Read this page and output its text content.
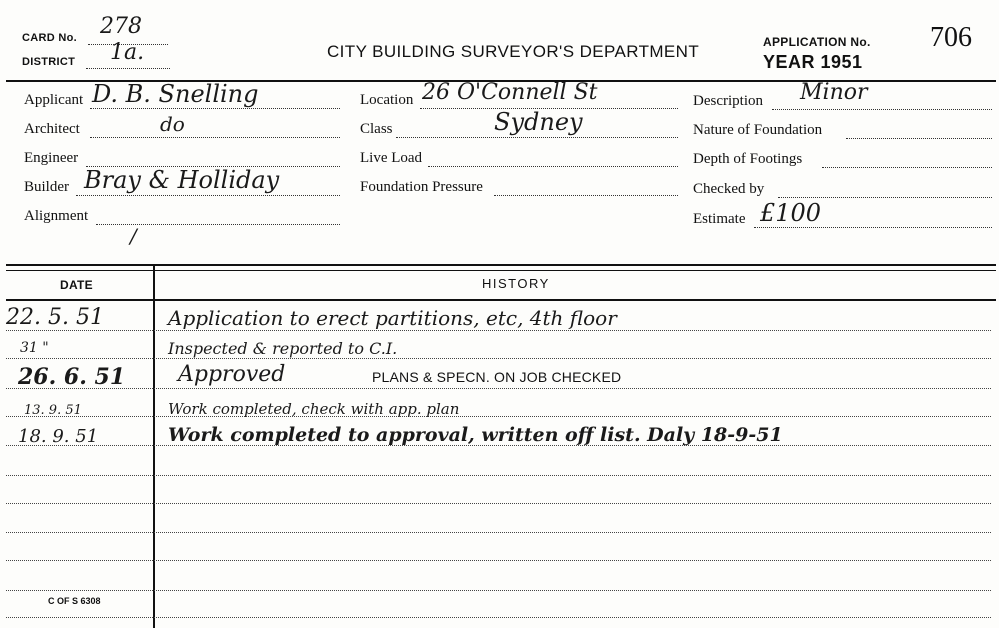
CARD No. 278
DISTRICT 1a.	CITY BUILDING SURVEYOR'S DEPARTMENT	APPLICATION No. 706
YEAR 1951
Applicant D. B. Snelling
Architect	do
Engineer
Builder Bray & Holliday
Alignment
/
Location 26 O'Connell St
Class	Sydney
Live Load
Foundation Pressure
Description Minor
Nature of Foundation
Depth of Footings
Checked by
Estimate £100
DATE	HISTORY
22. 5. 51	Application to erect partitions, etc, 4th floor
31 "	Inspected & reported to C.I.
26. 6. 51 Approved	PLANS & SPECN. ON JOB CHECKED
13. 9. 51	Work completed, check with app. plan
18. 9. 51	Work completed to approval, written off list. Daly 18-9-51
C OF S 6308
